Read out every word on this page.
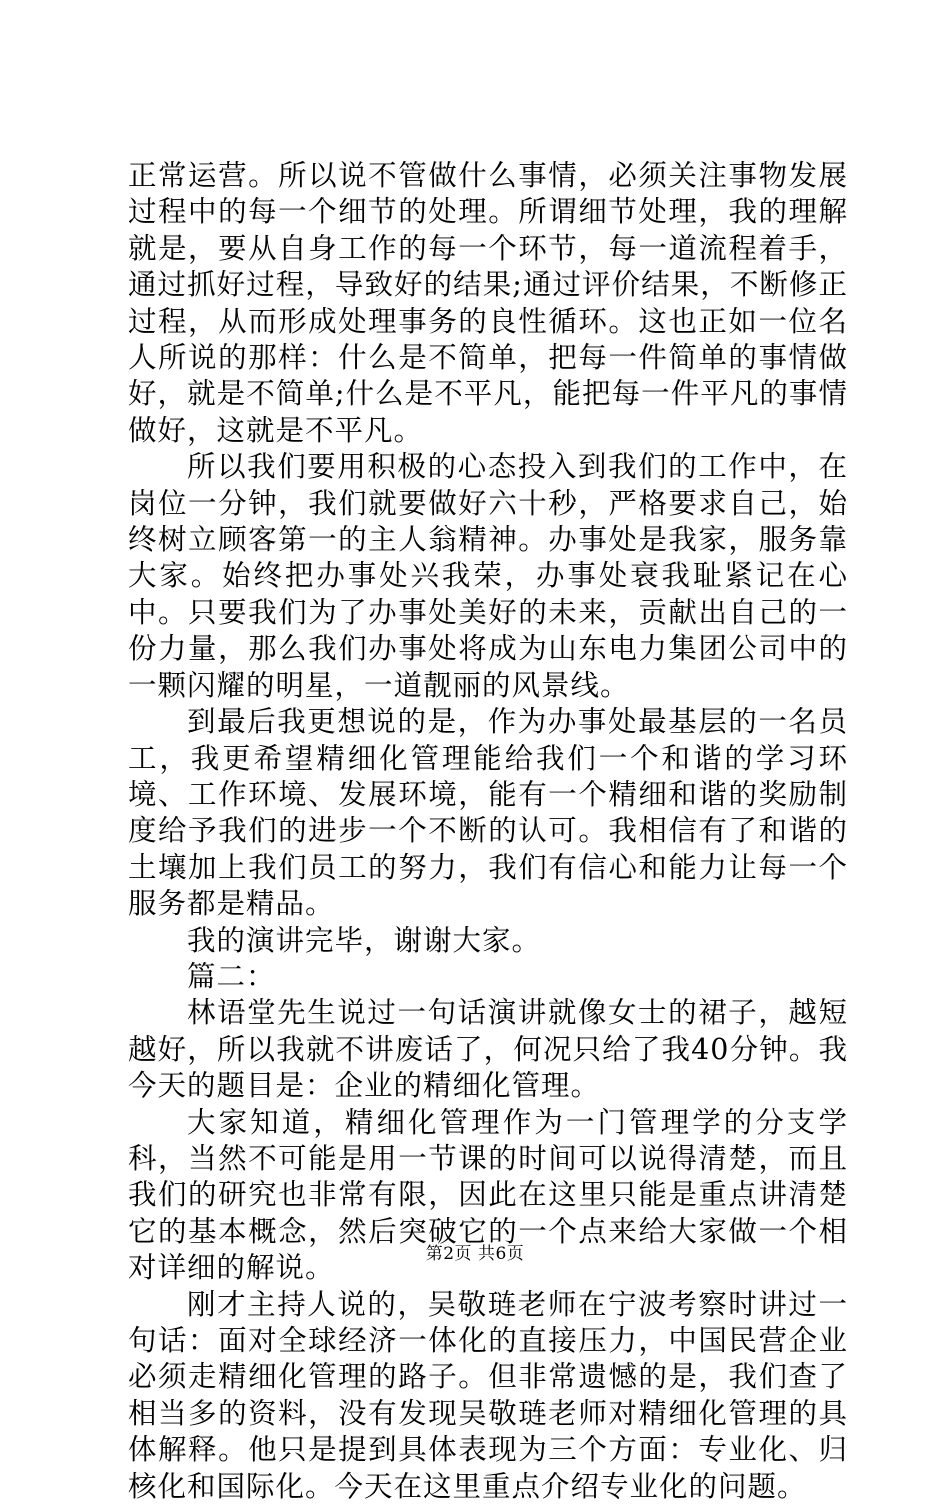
正常运营。所以说不管做什么事情，必须关注事物发展过程中的每一个细节的处理。所谓细节处理，我的理解就是，要从自身工作的每一个环节，每一道流程着手，通过抓好过程，导致好的结果;通过评价结果，不断修正过程，从而形成处理事务的良性循环。这也正如一位名人所说的那样：什么是不简单，把每一件简单的事情做好，就是不简单;什么是不平凡，能把每一件平凡的事情做好，这就是不平凡。

所以我们要用积极的心态投入到我们的工作中，在岗位一分钟，我们就要做好六十秒，严格要求自己，始终树立顾客第一的主人翁精神。办事处是我家，服务靠大家。始终把办事处兴我荣，办事处衰我耻紧记在心中。只要我们为了办事处美好的未来，贡献出自己的一份力量，那么我们办事处将成为山东电力集团公司中的一颗闪耀的明星，一道靓丽的风景线。

到最后我更想说的是，作为办事处最基层的一名员工，我更希望精细化管理能给我们一个和谐的学习环境、工作环境、发展环境，能有一个精细和谐的奖励制度给予我们的进步一个不断的认可。我相信有了和谐的土壤加上我们员工的努力，我们有信心和能力让每一个服务都是精品。

我的演讲完毕，谢谢大家。

篇二：

林语堂先生说过一句话演讲就像女士的裙子，越短越好，所以我就不讲废话了，何况只给了我40分钟。我今天的题目是：企业的精细化管理。

大家知道，精细化管理作为一门管理学的分支学科，当然不可能是用一节课的时间可以说得清楚，而且我们的研究也非常有限，因此在这里只能是重点讲清楚它的基本概念，然后突破它的一个点来给大家做一个相对详细的解说。

刚才主持人说的，吴敬琏老师在宁波考察时讲过一句话：面对全球经济一体化的直接压力，中国民营企业必须走精细化管理的路子。但非常遗憾的是，我们查了相当多的资料，没有发现吴敬琏老师对精细化管理的具体解释。他只是提到具体表现为三个方面：专业化、归核化和国际化。今天在这里重点介绍专业化的问题。

第2页 共6页
